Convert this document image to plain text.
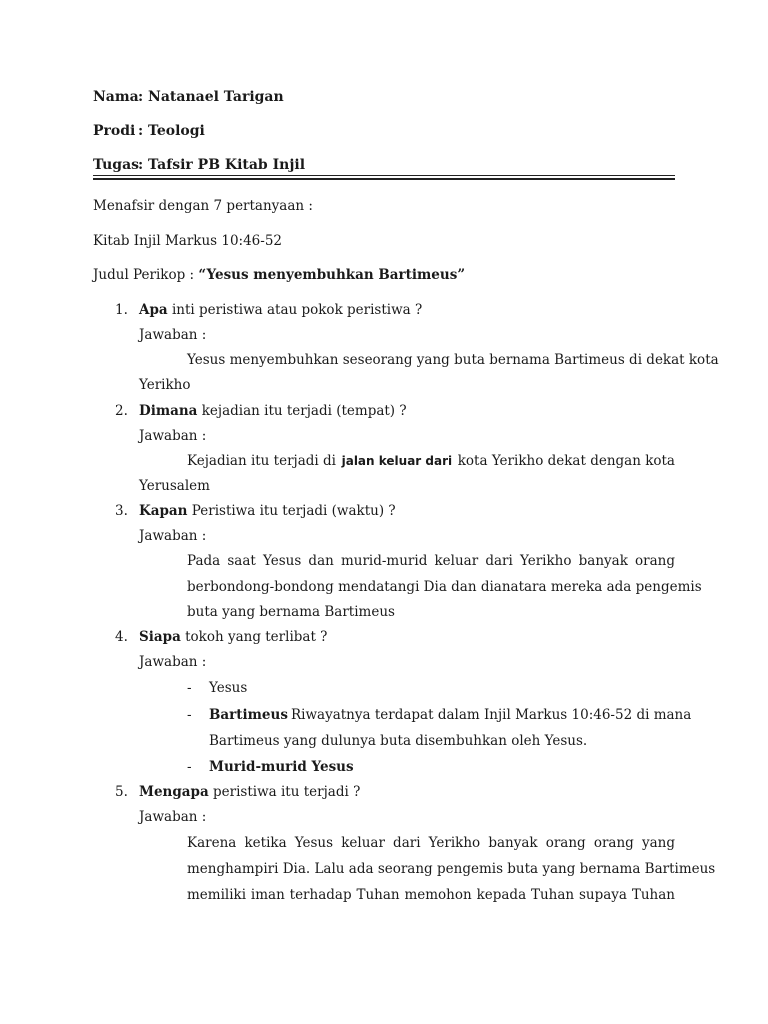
Nama : Natanael Tarigan
Prodi : Teologi
Tugas
: Tafsir PB Kitab Injil
Menafsir dengan 7 pertanyaan :
Kitab Injil Markus 10:46-52
Judul Perikop : “Yesus menyembuhkan Bartimeus”
1. Apa inti peristiwa atau pokok peristiwa ?
Jawaban :
Yesus menyembuhkan seseorang yang buta bernama Bartimeus di dekat kota
Yerikho
2. Dimana kejadian itu terjadi (tempat) ?
Jawaban :
Kejadian itu terjadi di jalan keluar dari kota Yerikho dekat dengan kota
Yerusalem
3. Kapan Peristiwa itu terjadi (waktu) ?
Jawaban :
Pada saat Yesus dan murid-murid keluar dari Yerikho banyak orang
berbondong-bondong mendatangi Dia dan dianatara mereka ada pengemis
buta yang bernama Bartimeus
4. Siapa tokoh yang terlibat ?
Jawaban :
- Yesus
- Bartimeus Riwayatnya terdapat dalam Injil Markus 10:46-52 di mana
Bartimeus yang dulunya buta disembuhkan oleh Yesus.
- Murid-murid Yesus
5. Mengapa peristiwa itu terjadi ?
Jawaban :
Karena ketika Yesus keluar dari Yerikho banyak orang orang yang
menghampiri Dia. Lalu ada seorang pengemis buta yang bernama Bartimeus
memiliki iman terhadap Tuhan memohon kepada Tuhan supaya Tuhan
